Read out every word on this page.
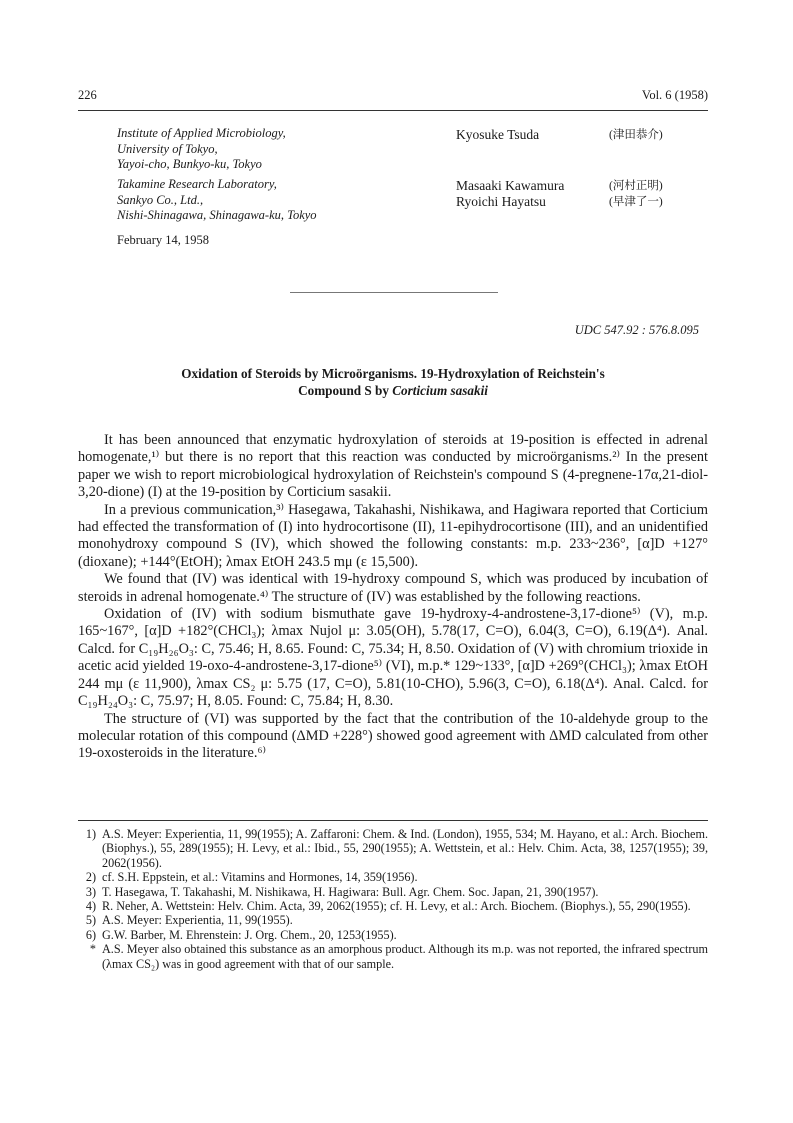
226	Vol. 6 (1958)
Institute of Applied Microbiology,
University of Tokyo,
Yayoi-cho, Bunkyo-ku, Tokyo
Takamine Research Laboratory,
Sankyo Co., Ltd.,
Nishi-Shinagawa, Shinagawa-ku, Tokyo
Kyosuke Tsuda	(津田恭介)
Masaaki Kawamura	(河村正明)
Ryoichi Hayatsu	(早津了一)
February 14, 1958
UDC 547.92 : 576.8.095
Oxidation of Steroids by Microörganisms. 19-Hydroxylation of Reichstein's
Compound S by Corticium sasakii

It has been announced that enzymatic hydroxylation of steroids at 19-position is effected in adrenal homogenate,¹⁾ but there is no report that this reaction was conducted by microörganisms.²⁾ In the present paper we wish to report microbiological hydroxylation of Reichstein's compound S (4-pregnene-17α,21-diol-3,20-dione) (I) at the 19-position by Corticium sasakii.

In a previous communication,³⁾ Hasegawa, Takahashi, Nishikawa, and Hagiwara reported that Corticium had effected the transformation of (I) into hydrocortisone (II), 11-epihydrocortisone (III), and an unidentified monohydroxy compound S (IV), which showed the following constants: m.p. 233~236°, [α]D +127°(dioxane); +144°(EtOH); λmax EtOH 243.5 mμ (ε 15,500).

We found that (IV) was identical with 19-hydroxy compound S, which was produced by incubation of steroids in adrenal homogenate.⁴⁾ The structure of (IV) was established by the following reactions.

Oxidation of (IV) with sodium bismuthate gave 19-hydroxy-4-androstene-3,17-dione⁵⁾ (V), m.p. 165~167°, [α]D +182°(CHCl₃); λmax Nujol μ: 3.05(OH), 5.78(17, C=O), 6.04(3, C=O), 6.19(Δ⁴). Anal. Calcd. for C₁₉H₂₆O₃: C, 75.46; H, 8.65. Found: C, 75.34; H, 8.50. Oxidation of (V) with chromium trioxide in acetic acid yielded 19-oxo-4-androstene-3,17-dione⁵⁾ (VI), m.p.* 129~133°, [α]D +269°(CHCl₃); λmax EtOH 244 mμ (ε 11,900), λmax CS₂ μ: 5.75 (17, C=O), 5.81(10-CHO), 5.96(3, C=O), 6.18(Δ⁴). Anal. Calcd. for C₁₉H₂₄O₃: C, 75.97; H, 8.05. Found: C, 75.84; H, 8.30.

The structure of (VI) was supported by the fact that the contribution of the 10-aldehyde group to the molecular rotation of this compound (ΔMD +228°) showed good agreement with ΔMD calculated from other 19-oxosteroids in the literature.⁶⁾

1) A.S. Meyer: Experientia, 11, 99(1955); A. Zaffaroni: Chem. & Ind. (London), 1955, 534; M. Hayano, et al.: Arch. Biochem. (Biophys.), 55, 289(1955); H. Levy, et al.: Ibid., 55, 290(1955); A. Wettstein, et al.: Helv. Chim. Acta, 38, 1257(1955); 39, 2062(1956).
2) cf. S.H. Eppstein, et al.: Vitamins and Hormones, 14, 359(1956).
3) T. Hasegawa, T. Takahashi, M. Nishikawa, H. Hagiwara: Bull. Agr. Chem. Soc. Japan, 21, 390(1957).
4) R. Neher, A. Wettstein: Helv. Chim. Acta, 39, 2062(1955); cf. H. Levy, et al.: Arch. Biochem. (Biophys.), 55, 290(1955).
5) A.S. Meyer: Experientia, 11, 99(1955).
6) G.W. Barber, M. Ehrenstein: J. Org. Chem., 20, 1253(1955).
* A.S. Meyer also obtained this substance as an amorphous product. Although its m.p. was not reported, the infrared spectrum (λmax CS₂) was in good agreement with that of our sample.
